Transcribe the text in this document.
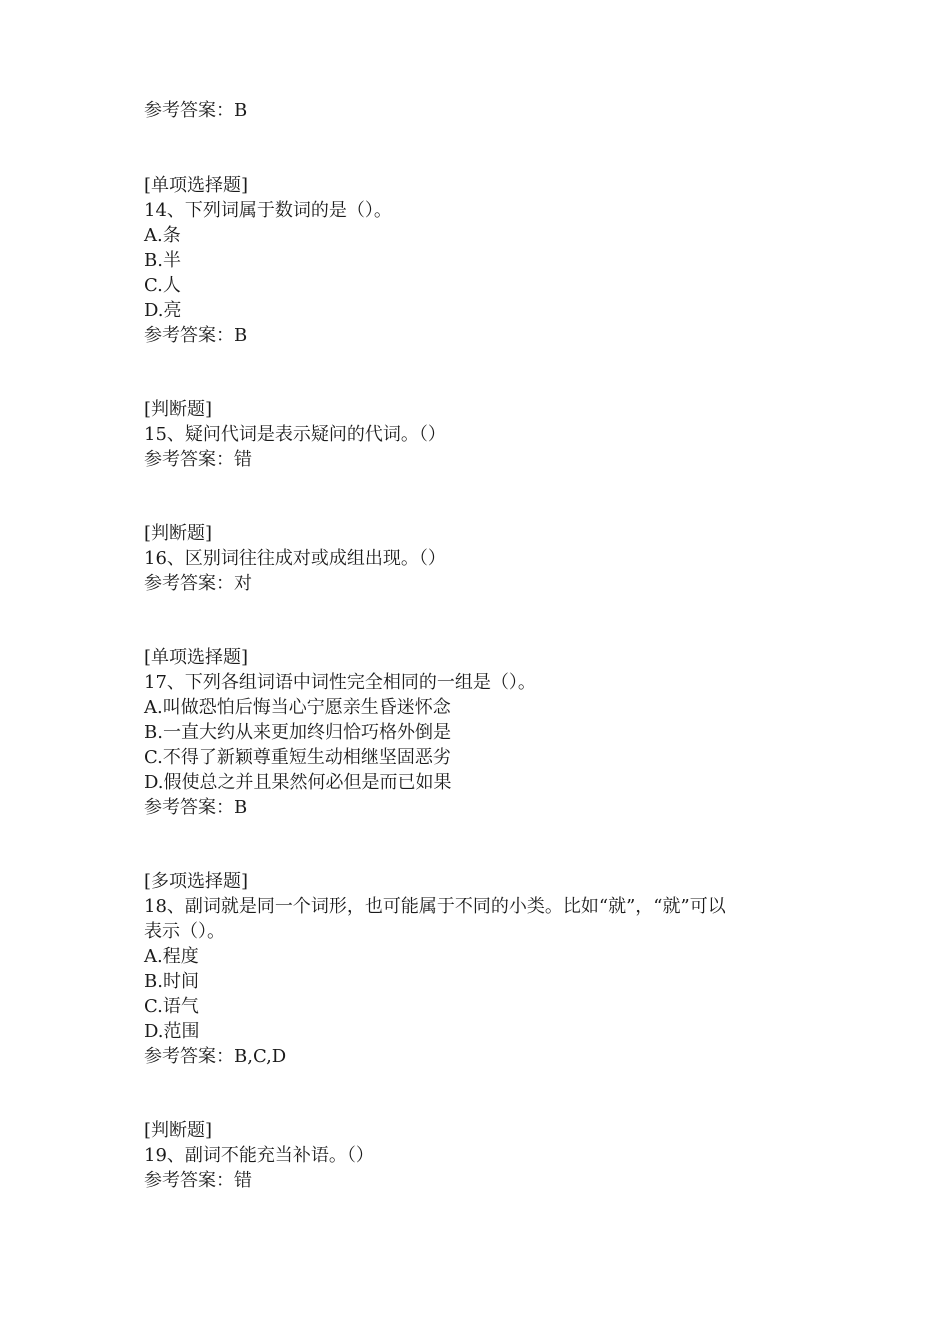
参考答案：B
[单项选择题]
14、下列词属于数词的是（）。
A.条
B.半
C.人
D.亮
参考答案：B
[判断题]
15、疑问代词是表示疑问的代词。（）
参考答案：错
[判断题]
16、区别词往往成对或成组出现。（）
参考答案：对
[单项选择题]
17、下列各组词语中词性完全相同的一组是（）。
A.叫做恐怕后悔当心宁愿亲生昏迷怀念
B.一直大约从来更加终归恰巧格外倒是
C.不得了新颖尊重短生动相继坚固恶劣
D.假使总之并且果然何必但是而已如果
参考答案：B
[多项选择题]
18、副词就是同一个词形，也可能属于不同的小类。比如“就”，“就”可以
表示（）。
A.程度
B.时间
C.语气
D.范围
参考答案：B,C,D
[判断题]
19、副词不能充当补语。（）
参考答案：错
